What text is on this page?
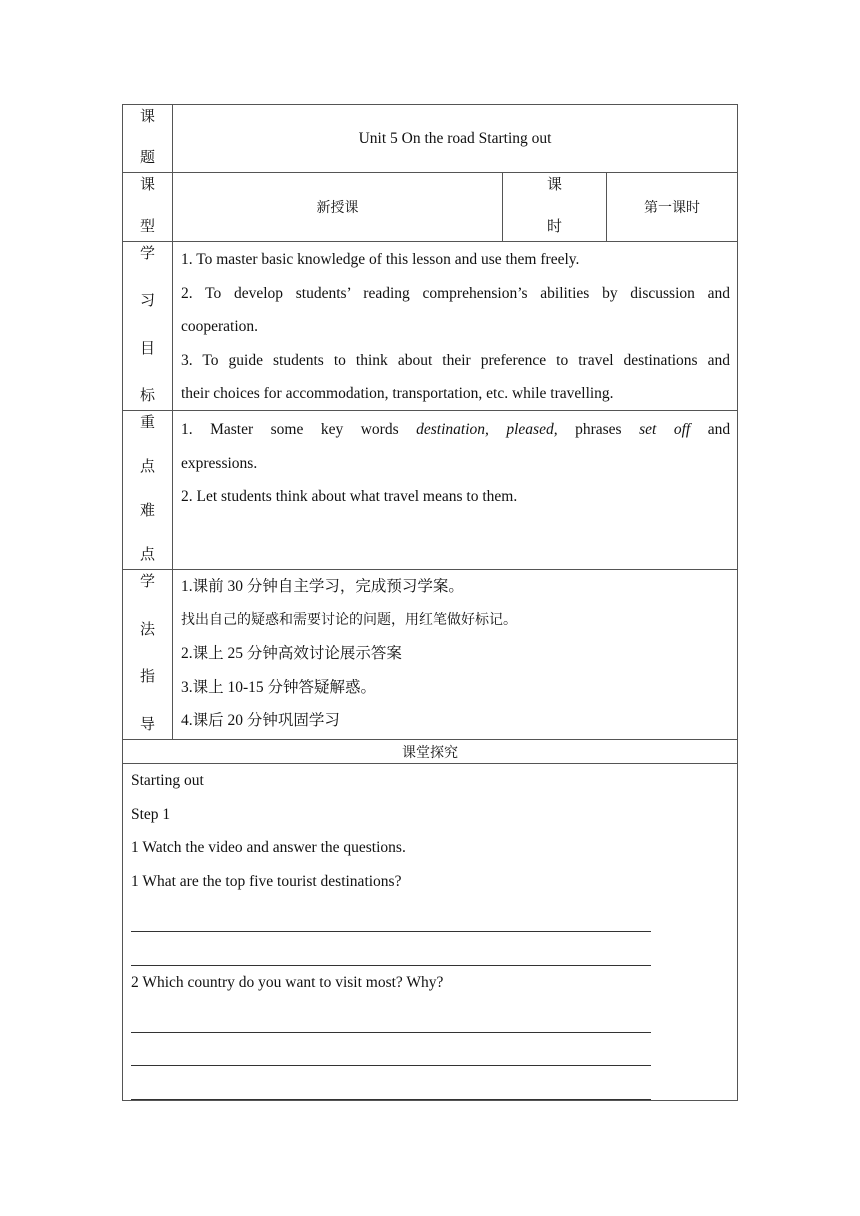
课
题
Unit 5 On the road Starting out
课
型
新授课
课
时
第一课时
学
习
目
标

1. To master basic knowledge of this lesson and use them freely.

2. To develop students’ reading comprehension’s abilities by discussion and

cooperation.

3. To guide students to think about their preference to travel destinations and

their choices for accommodation, transportation, etc. while travelling.

重
点
难
点

1. Master some key words destination, pleased, phrases set off and

expressions.

2. Let students think about what travel means to them.

学
法
指
导

1.课前 30 分钟自主学习，完成预习学案。

找出自己的疑惑和需要讨论的问题，用红笔做好标记。

2.课上 25 分钟高效讨论展示答案

3.课上 10-15 分钟答疑解惑。

4.课后 20 分钟巩固学习

课堂探究
Starting out
Step 1
1 Watch the video and answer the questions.
1 What are the top five tourist destinations?
2 Which country do you want to visit most? Why?
